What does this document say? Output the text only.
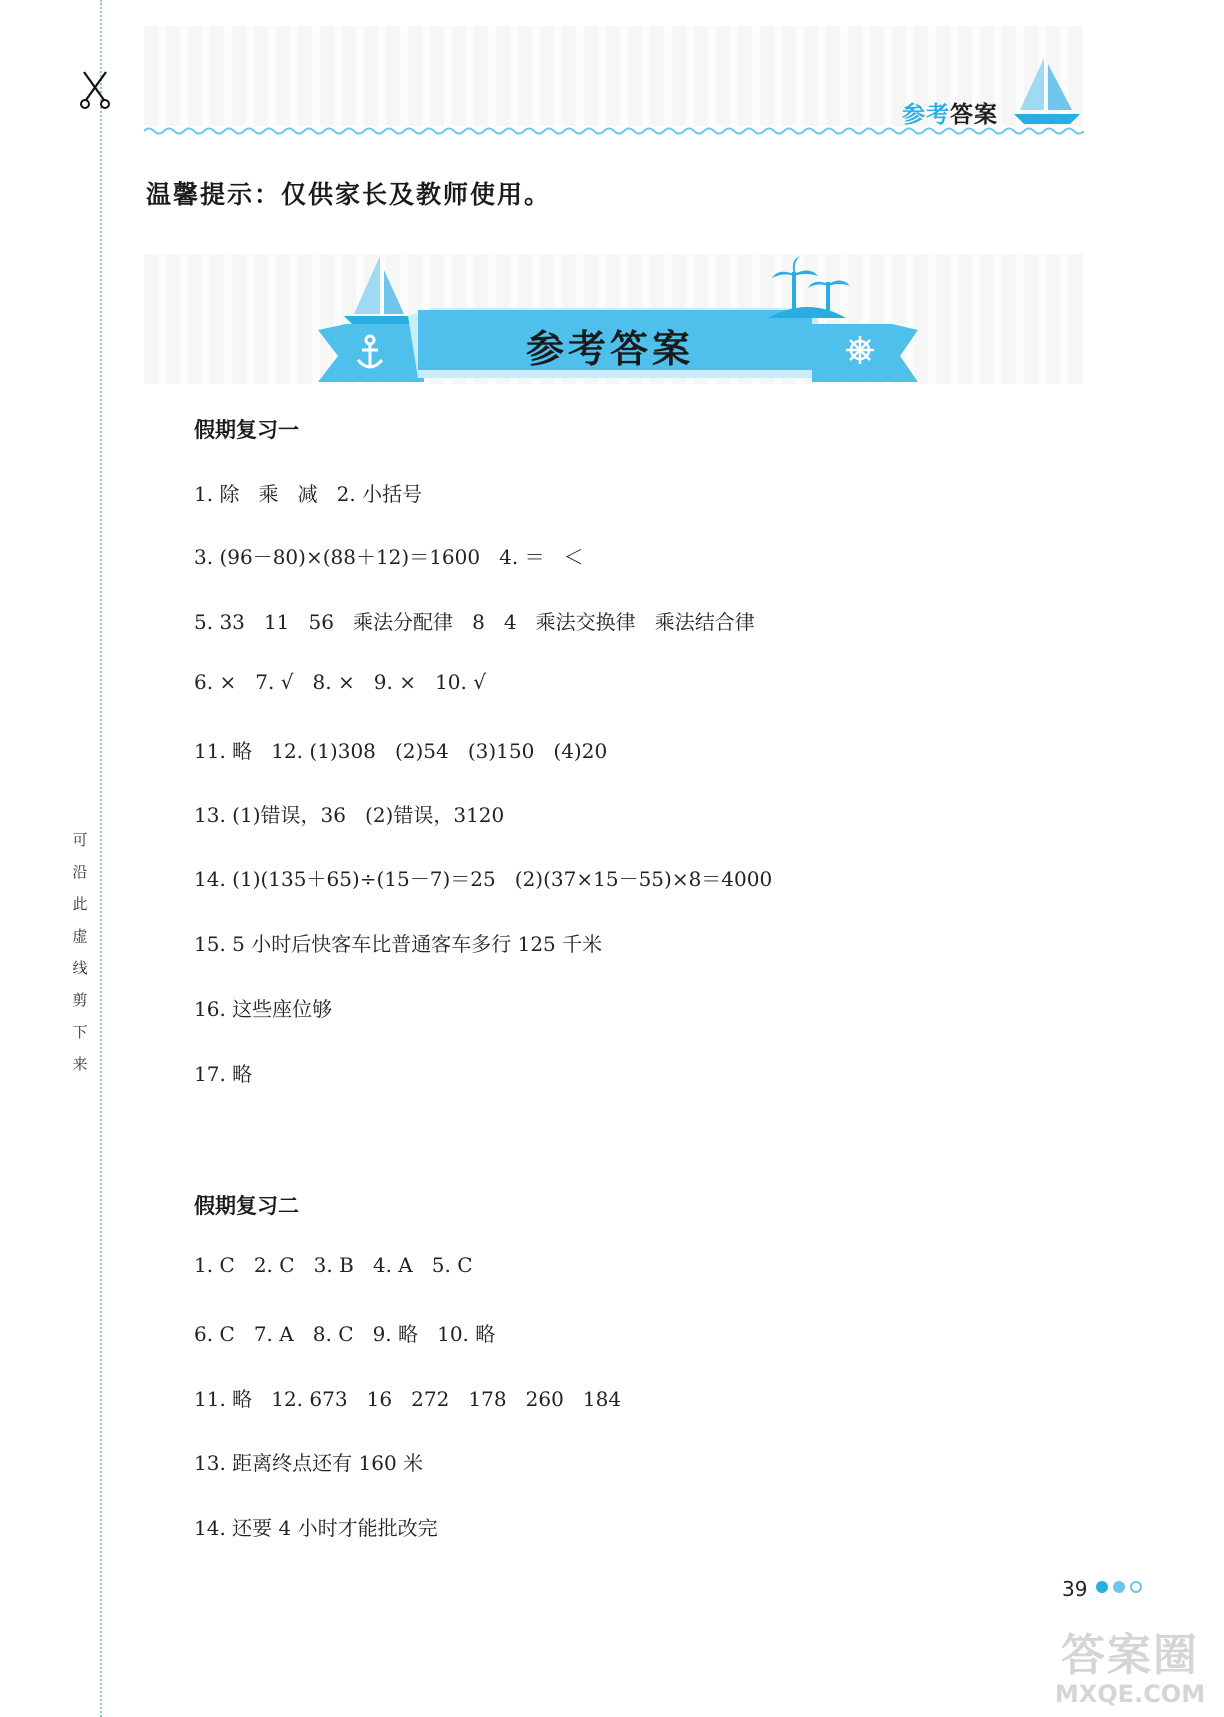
可
沿
此
虚
线
剪
下
来
参考答案
温馨提示：仅供家长及教师使用。
参考答案
假期复习一
1. 除   乘   减   2. 小括号
3. (96－80)×(88＋12)＝1600   4. ＝   ＜
5. 33   11   56   乘法分配律   8   4   乘法交换律   乘法结合律
6. ×   7. √   8. ×   9. ×   10. √
11. 略   12. (1)308   (2)54   (3)150   (4)20
13. (1)错误，36   (2)错误，3120
14. (1)(135＋65)÷(15－7)＝25   (2)(37×15－55)×8＝4000
15. 5 小时后快客车比普通客车多行 125 千米
16. 这些座位够
17. 略
假期复习二
1. C   2. C   3. B   4. A   5. C
6. C   7. A   8. C   9. 略   10. 略
11. 略   12. 673   16   272   178   260   184
13. 距离终点还有 160 米
14. 还要 4 小时才能批改完
39
答案圈
MXQE.COM
